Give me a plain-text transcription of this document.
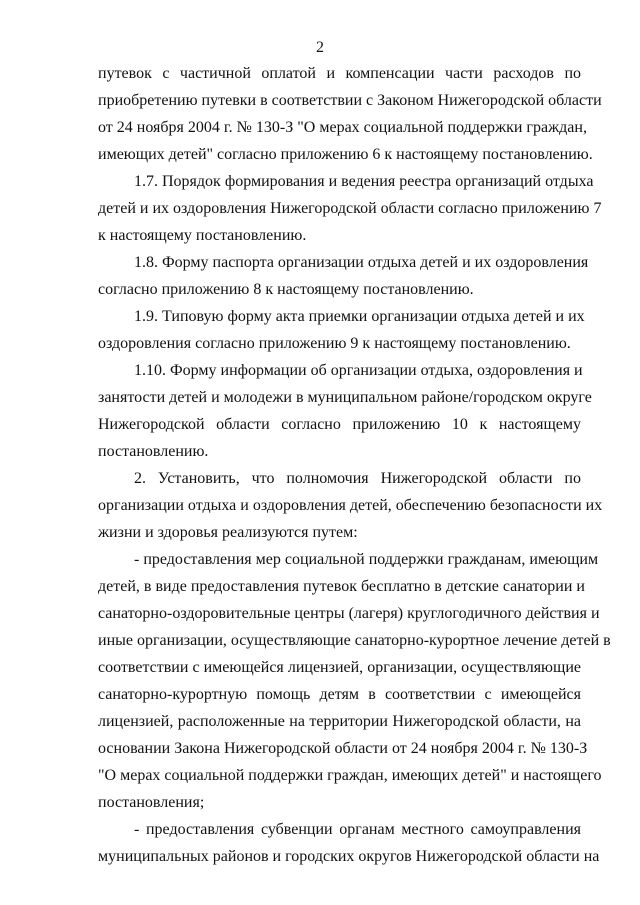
2
путевок с частичной оплатой и компенсации части расходов по
приобретению путевки в соответствии с Законом Нижегородской области
от 24 ноября 2004 г. № 130-З "О мерах социальной поддержки граждан,
имеющих детей" согласно приложению 6 к настоящему постановлению.
1.7. Порядок формирования и ведения реестра организаций отдыха
детей и их оздоровления Нижегородской области согласно приложению 7
к настоящему постановлению.
1.8. Форму паспорта организации отдыха детей и их оздоровления
согласно приложению 8 к настоящему постановлению.
1.9. Типовую форму акта приемки организации отдыха детей и их
оздоровления согласно приложению 9 к настоящему постановлению.
1.10. Форму информации об организации отдыха, оздоровления и
занятости детей и молодежи в муниципальном районе/городском округе
Нижегородской области согласно приложению 10 к настоящему
постановлению.
2. Установить, что полномочия Нижегородской области по
организации отдыха и оздоровления детей, обеспечению безопасности их
жизни и здоровья реализуются путем:
- предоставления мер социальной поддержки гражданам, имеющим
детей, в виде предоставления путевок бесплатно в детские санатории и
санаторно-оздоровительные центры (лагеря) круглогодичного действия и
иные организации, осуществляющие санаторно-курортное лечение детей в
соответствии с имеющейся лицензией, организации, осуществляющие
санаторно-курортную помощь детям в соответствии с имеющейся
лицензией, расположенные на территории Нижегородской области, на
основании Закона Нижегородской области от 24 ноября 2004 г. № 130-З
"О мерах социальной поддержки граждан, имеющих детей" и настоящего
постановления;
- предоставления субвенции органам местного самоуправления
муниципальных районов и городских округов Нижегородской области на
